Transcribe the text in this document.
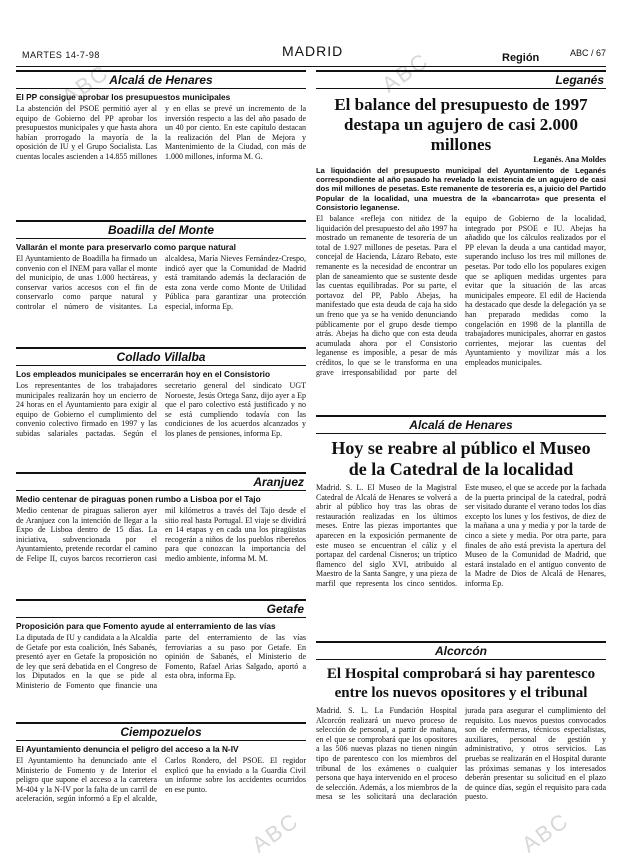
ABC	ABC
ABC	ABC
MARTES 14-7-98	MADRID	Región	ABC / 67
Alcalá de Henares
El PP consigue aprobar los presupuestos municipales
La abstención del PSOE permitió ayer al equipo de Gobierno del PP aprobar los presupuestos municipales y que hasta ahora habían prorrogado la mayoría de la oposición de IU y el Grupo Socialista. Las cuentas locales ascienden a 14.855 millones y en ellas se prevé un incremento de la inversión respecto a las del año pasado de un 40 por ciento. En este capítulo destacan la realización del Plan de Mejora y Mantenimiento de la Ciudad, con más de 1.000 millones, informa M. G.
Boadilla del Monte
Vallarán el monte para preservarlo como parque natural
El Ayuntamiento de Boadilla ha firmado un convenio con el INEM para vallar el monte del municipio, de unas 1.000 hectáreas, y conservar varios accesos con el fin de conservarlo como parque natural y controlar el número de visitantes. La alcaldesa, María Nieves Fernández-Crespo, indicó ayer que la Comunidad de Madrid está tramitando además la declaración de esta zona verde como Monte de Utilidad Pública para garantizar una protección especial, informa Ep.
Collado Villalba
Los empleados municipales se encerrarán hoy en el Consistorio
Los representantes de los trabajadores municipales realizarán hoy un encierro de 24 horas en el Ayuntamiento para exigir al equipo de Gobierno el cumplimiento del convenio colectivo firmado en 1997 y las subidas salariales pactadas. Según el secretario general del sindicato UGT Noroeste, Jesús Ortega Sanz, dijo ayer a Ep que el paro colectivo está justificado y no se está cumpliendo todavía con las condiciones de los acuerdos alcanzados y los planes de pensiones, informa Ep.
Aranjuez
Medio centenar de piraguas ponen rumbo a Lisboa por el Tajo
Medio centenar de piraguas salieron ayer de Aranjuez con la intención de llegar a la Expo de Lisboa dentro de 15 días. La iniciativa, subvencionada por el Ayuntamiento, pretende recordar el camino de Felipe II, cuyos barcos recorrieron casi mil kilómetros a través del Tajo desde el sitio real hasta Portugal. El viaje se dividirá en 14 etapas y en cada una los piragüistas recogerán a niños de los pueblos ribereños para que conozcan la importancia del medio ambiente, informa M. M.
Getafe
Proposición para que Fomento ayude al enterramiento de las vías
La diputada de IU y candidata a la Alcaldía de Getafe por esta coalición, Inés Sabanés, presentó ayer en Getafe la proposición no de ley que será debatida en el Congreso de los Diputados en la que se pide al Ministerio de Fomento que financie una parte del enterramiento de las vías ferroviarias a su paso por Getafe. En opinión de Sabanés, el Ministerio de Fomento, Rafael Arias Salgado, aportó a esta obra, informa Ep.
Ciempozuelos
El Ayuntamiento denuncia el peligro del acceso a la N-IV
El Ayuntamiento ha denunciado ante el Ministerio de Fomento y de Interior el peligro que supone el acceso a la carretera M-404 y la N-IV por la falta de un carril de aceleración, según informó a Ep el alcalde, Carlos Rondero, del PSOE. El regidor explicó que ha enviado a la Guardia Civil un informe sobre los accidentes ocurridos en ese punto.
Leganés
El balance del presupuesto de 1997
destapa un agujero de casi 2.000 millones
Leganés. Ana Moldes
La liquidación del presupuesto municipal del Ayuntamiento de Leganés correspondiente al año pasado ha revelado la existencia de un agujero de casi dos mil millones de pesetas. Este remanente de tesorería es, a juicio del Partido Popular de la localidad, una muestra de la «bancarrota» que presenta el Consistorio leganense.
El balance «refleja con nitidez de la liquidación del presupuesto del año 1997 ha mostrado un remanente de tesorería de un total de 1.927 millones de pesetas. Para el concejal de Hacienda, Lázaro Rebato, este remanente es la necesidad de encontrar un plan de saneamiento que se sustente desde las cuentas equilibradas. Por su parte, el portavoz del PP, Pablo Abejas, ha manifestado que esta deuda de caja ha sido un freno que ya se ha venido denunciando públicamente por el grupo desde tiempo atrás. Abejas ha dicho que con esta deuda acumulada ahora por el Consistorio leganense es imposible, a pesar de más créditos, lo que se le transforma en una grave irresponsabilidad por parte del equipo de Gobierno de la localidad, integrado por PSOE e IU. Abejas ha añadido que los cálculos realizados por el PP elevan la deuda a una cantidad mayor, superando incluso los tres mil millones de pesetas. Por todo ello los populares exigen que se apliquen medidas urgentes para evitar que la situación de las arcas municipales empeore. El edil de Hacienda ha destacado que desde la delegación ya se han preparado medidas como la congelación en 1998 de la plantilla de trabajadores municipales, ahorrar en gastos corrientes, mejorar las cuentas del Ayuntamiento y movilizar más a los empleados municipales.
Alcalá de Henares
Hoy se reabre al público el Museo
de la Catedral de la localidad
Madrid. S. L. El Museo de la Magistral Catedral de Alcalá de Henares se volverá a abrir al público hoy tras las obras de restauración realizadas en los últimos meses. Entre las piezas importantes que aparecen en la exposición permanente de este museo se encuentran el cáliz y el portapaz del cardenal Cisneros; un tríptico flamenco del siglo XVI, atribuido al Maestro de la Santa Sangre, y una pieza de marfil que representa los cinco sentidos. Este museo, el que se accede por la fachada de la puerta principal de la catedral, podrá ser visitado durante el verano todos los días excepto los lunes y los festivos, de diez de la mañana a una y media y por la tarde de cinco a siete y media. Por otra parte, para finales de año está prevista la apertura del Museo de la Comunidad de Madrid, que estará instalado en el antiguo convento de la Madre de Dios de Alcalá de Henares, informa Ep.
Alcorcón
El Hospital comprobará si hay parentesco
entre los nuevos opositores y el tribunal
Madrid. S. L. La Fundación Hospital Alcorcón realizará un nuevo proceso de selección de personal, a partir de mañana, en el que se comprobará que los opositores a las 506 nuevas plazas no tienen ningún tipo de parentesco con los miembros del tribunal de los exámenes o cualquier persona que haya intervenido en el proceso de selección. Además, a los miembros de la mesa se les solicitará una declaración jurada para asegurar el cumplimiento del requisito. Los nuevos puestos convocados son de enfermeras, técnicos especialistas, auxiliares, personal de gestión y administrativo, y otros servicios. Las pruebas se realizarán en el Hospital durante las próximas semanas y los interesados deberán presentar su solicitud en el plazo de quince días, según el requisito para cada puesto.
